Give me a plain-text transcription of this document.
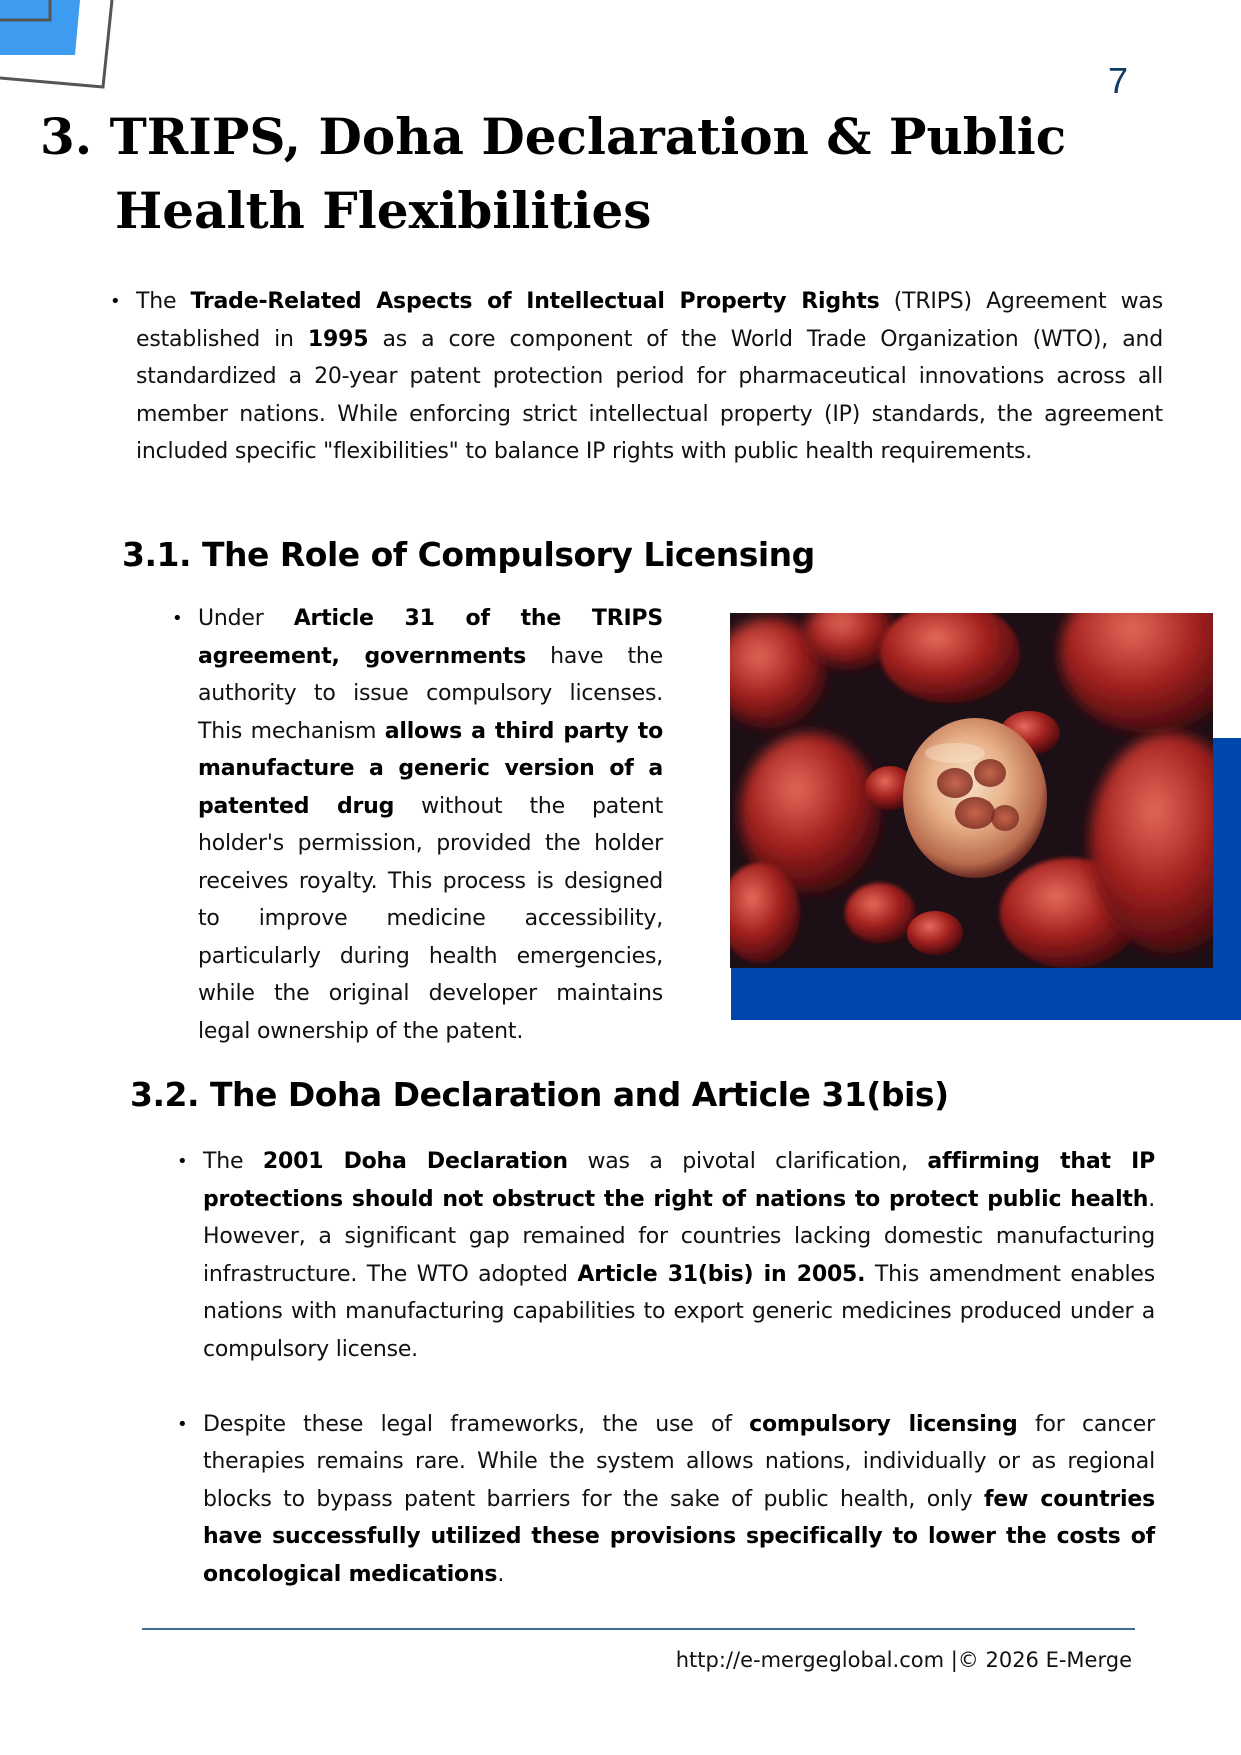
7
3. TRIPS, Doha Declaration & Public
Health Flexibilities
• The Trade-Related Aspects of Intellectual Property Rights (TRIPS) Agreement was established in 1995 as a core component of the World Trade Organization (WTO), and standardized a 20-year patent protection period for pharmaceutical innovations across all member nations. While enforcing strict intellectual property (IP) standards, the agreement included specific "flexibilities" to balance IP rights with public health requirements.
3.1. The Role of Compulsory Licensing
• Under Article 31 of the TRIPS agreement, governments have the authority to issue compulsory licenses. This mechanism allows a third party to manufacture a generic version of a patented drug without the patent holder's permission, provided the holder receives royalty. This process is designed to improve medicine accessibility, particularly during health emergencies, while the original developer maintains legal ownership of the patent.
3.2. The Doha Declaration and Article 31(bis)
• The 2001 Doha Declaration was a pivotal clarification, affirming that IP protections should not obstruct the right of nations to protect public health. However, a significant gap remained for countries lacking domestic manufacturing infrastructure. The WTO adopted Article 31(bis) in 2005. This amendment enables nations with manufacturing capabilities to export generic medicines produced under a compulsory license.
• Despite these legal frameworks, the use of compulsory licensing for cancer therapies remains rare. While the system allows nations, individually or as regional blocks to bypass patent barriers for the sake of public health, only few countries have successfully utilized these provisions specifically to lower the costs of oncological medications.
http://e-mergeglobal.com |© 2026 E-Merge
